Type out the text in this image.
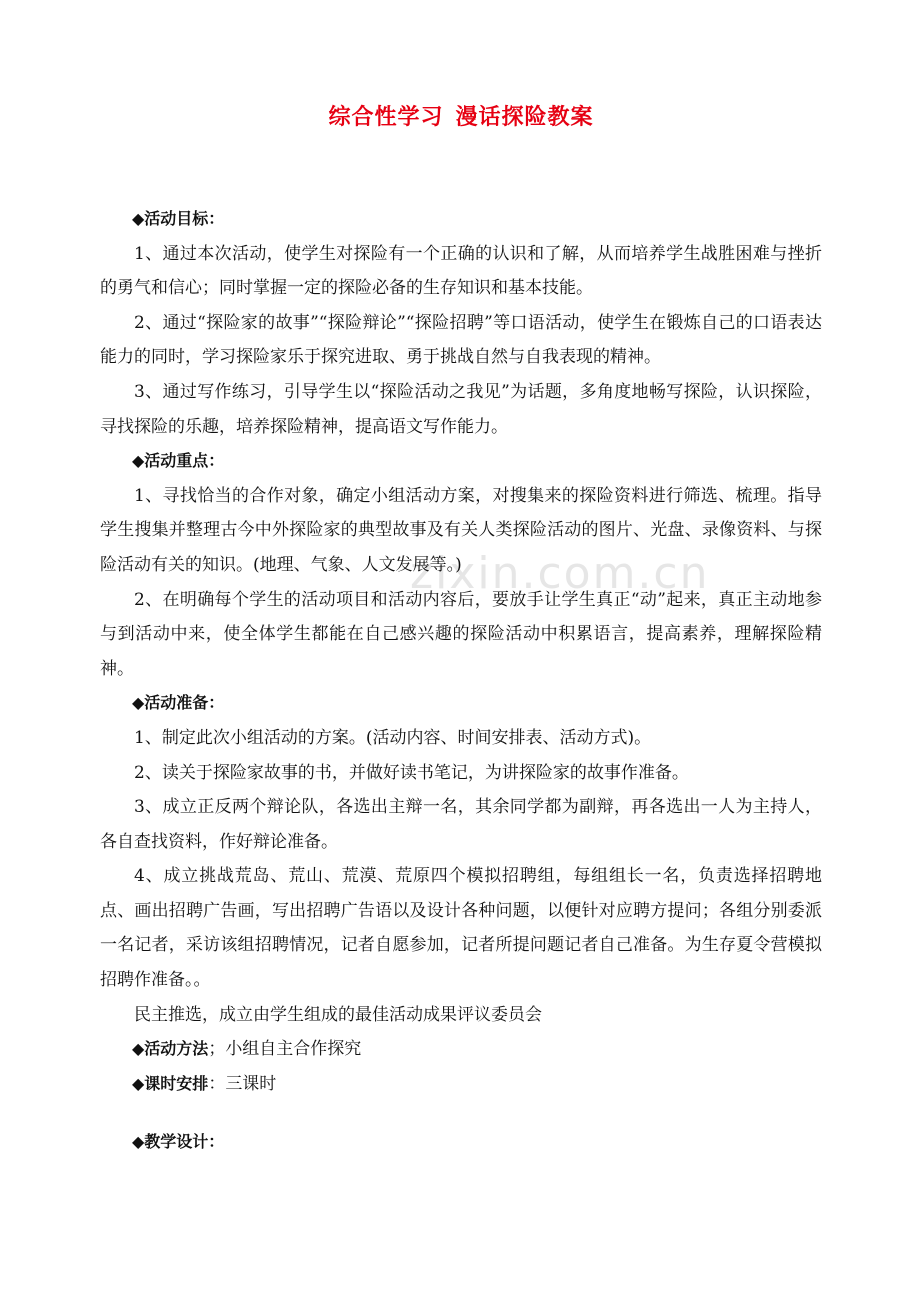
综合性学习 漫话探险教案
zixin.com.cn

◆活动目标：

1、通过本次活动，使学生对探险有一个正确的认识和了解，从而培养学生战胜困难与挫折的勇气和信心；同时掌握一定的探险必备的生存知识和基本技能。

2、通过“探险家的故事”“探险辩论”“探险招聘”等口语活动，使学生在锻炼自己的口语表达能力的同时，学习探险家乐于探究进取、勇于挑战自然与自我表现的精神。

3、通过写作练习，引导学生以“探险活动之我见”为话题，多角度地畅写探险，认识探险，寻找探险的乐趣，培养探险精神，提高语文写作能力。

◆活动重点：

1、寻找恰当的合作对象，确定小组活动方案，对搜集来的探险资料进行筛选、梳理。指导学生搜集并整理古今中外探险家的典型故事及有关人类探险活动的图片、光盘、录像资料、与探险活动有关的知识。(地理、气象、人文发展等。)

2、在明确每个学生的活动项目和活动内容后，要放手让学生真正“动”起来，真正主动地参与到活动中来，使全体学生都能在自己感兴趣的探险活动中积累语言，提高素养，理解探险精神。

◆活动准备：

1、制定此次小组活动的方案。(活动内容、时间安排表、活动方式)。

2、读关于探险家故事的书，并做好读书笔记，为讲探险家的故事作准备。

3、成立正反两个辩论队，各选出主辩一名，其余同学都为副辩，再各选出一人为主持人，各自查找资料，作好辩论准备。

4、成立挑战荒岛、荒山、荒漠、荒原四个模拟招聘组，每组组长一名，负责选择招聘地点、画出招聘广告画，写出招聘广告语以及设计各种问题，以便针对应聘方提问；各组分别委派一名记者，采访该组招聘情况，记者自愿参加，记者所提问题记者自己准备。为生存夏令营模拟招聘作准备。。

民主推选，成立由学生组成的最佳活动成果评议委员会

◆活动方法；小组自主合作探究

◆课时安排：三课时

◆教学设计：
